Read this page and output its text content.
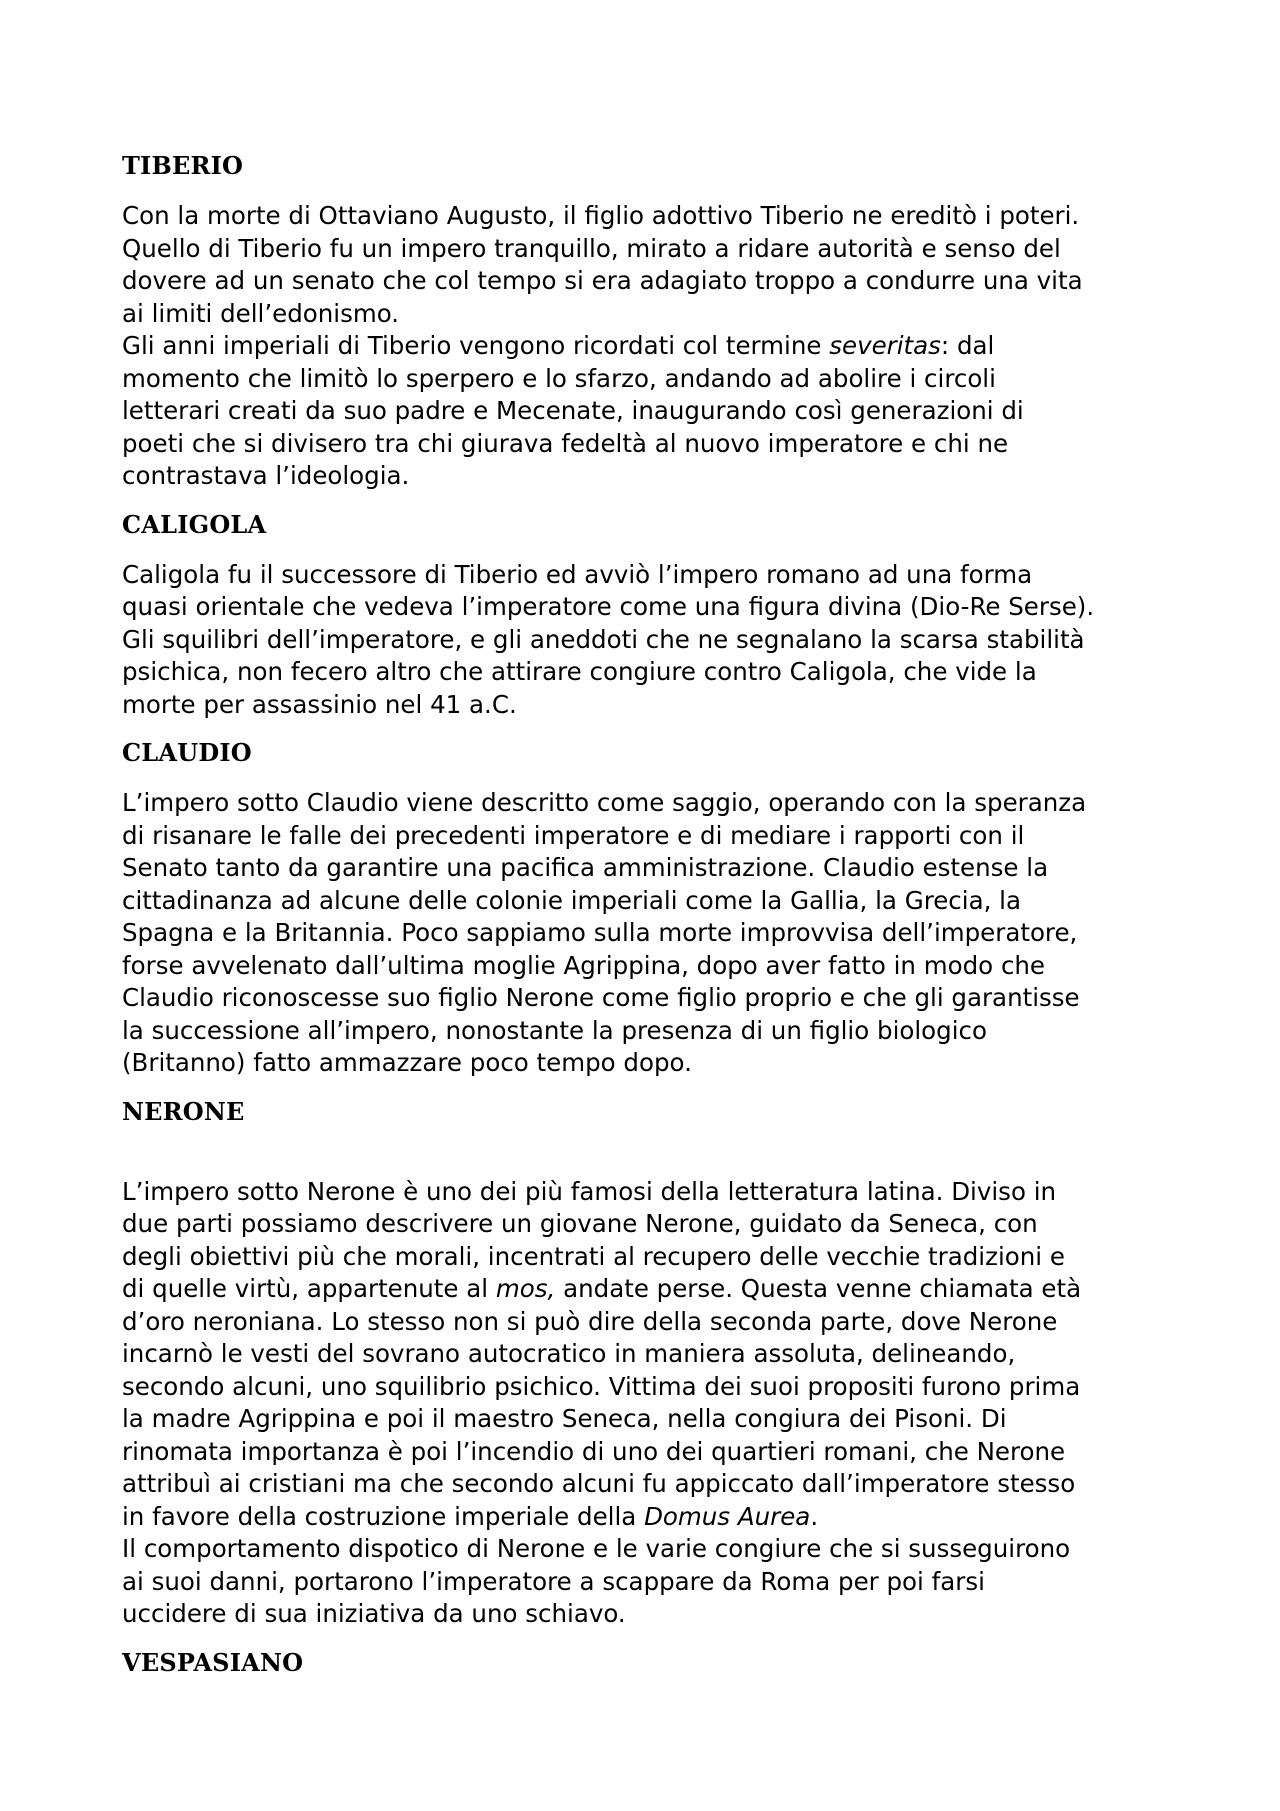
TIBERIO

Con la morte di Ottaviano Augusto, il figlio adottivo Tiberio ne ereditò i poteri.
Quello di Tiberio fu un impero tranquillo, mirato a ridare autorità e senso del
dovere ad un senato che col tempo si era adagiato troppo a condurre una vita
ai limiti dell’edonismo.
Gli anni imperiali di Tiberio vengono ricordati col termine severitas: dal
momento che limitò lo sperpero e lo sfarzo, andando ad abolire i circoli
letterari creati da suo padre e Mecenate, inaugurando così generazioni di
poeti che si divisero tra chi giurava fedeltà al nuovo imperatore e chi ne
contrastava l’ideologia.

CALIGOLA

Caligola fu il successore di Tiberio ed avviò l’impero romano ad una forma
quasi orientale che vedeva l’imperatore come una figura divina (Dio-Re Serse).
Gli squilibri dell’imperatore, e gli aneddoti che ne segnalano la scarsa stabilità
psichica, non fecero altro che attirare congiure contro Caligola, che vide la
morte per assassinio nel 41 a.C.

CLAUDIO

L’impero sotto Claudio viene descritto come saggio, operando con la speranza
di risanare le falle dei precedenti imperatore e di mediare i rapporti con il
Senato tanto da garantire una pacifica amministrazione. Claudio estense la
cittadinanza ad alcune delle colonie imperiali come la Gallia, la Grecia, la
Spagna e la Britannia. Poco sappiamo sulla morte improvvisa dell’imperatore,
forse avvelenato dall’ultima moglie Agrippina, dopo aver fatto in modo che
Claudio riconoscesse suo figlio Nerone come figlio proprio e che gli garantisse
la successione all’impero, nonostante la presenza di un figlio biologico
(Britanno) fatto ammazzare poco tempo dopo.

NERONE

L’impero sotto Nerone è uno dei più famosi della letteratura latina. Diviso in
due parti possiamo descrivere un giovane Nerone, guidato da Seneca, con
degli obiettivi più che morali, incentrati al recupero delle vecchie tradizioni e
di quelle virtù, appartenute al mos, andate perse. Questa venne chiamata età
d’oro neroniana. Lo stesso non si può dire della seconda parte, dove Nerone
incarnò le vesti del sovrano autocratico in maniera assoluta, delineando,
secondo alcuni, uno squilibrio psichico. Vittima dei suoi propositi furono prima
la madre Agrippina e poi il maestro Seneca, nella congiura dei Pisoni. Di
rinomata importanza è poi l’incendio di uno dei quartieri romani, che Nerone
attribuì ai cristiani ma che secondo alcuni fu appiccato dall’imperatore stesso
in favore della costruzione imperiale della Domus Aurea.
Il comportamento dispotico di Nerone e le varie congiure che si susseguirono
ai suoi danni, portarono l’imperatore a scappare da Roma per poi farsi
uccidere di sua iniziativa da uno schiavo.

VESPASIANO
